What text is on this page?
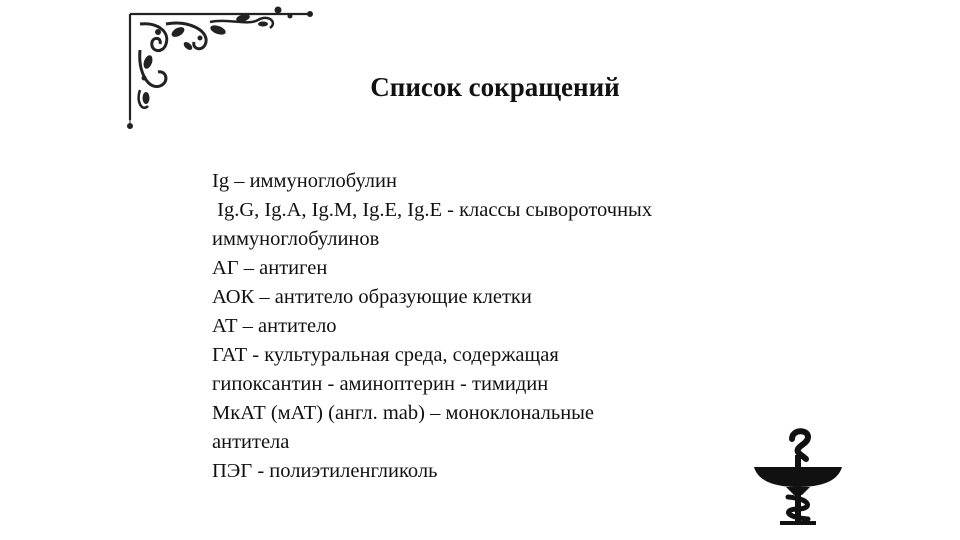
Список сокращений
Ig – иммуноглобулин
Ig.G, Ig.A, Ig.M, Ig.E, Ig.E - классы сывороточных
иммуноглобулинов
АГ – антиген
АОК – антитело образующие клетки
АТ – антитело
ГАТ - культуральная среда, содержащая
гипоксантин - аминоптерин - тимидин
МкАТ (мАТ) (англ. mab) – моноклональные
антитела
ПЭГ - полиэтиленгликоль
